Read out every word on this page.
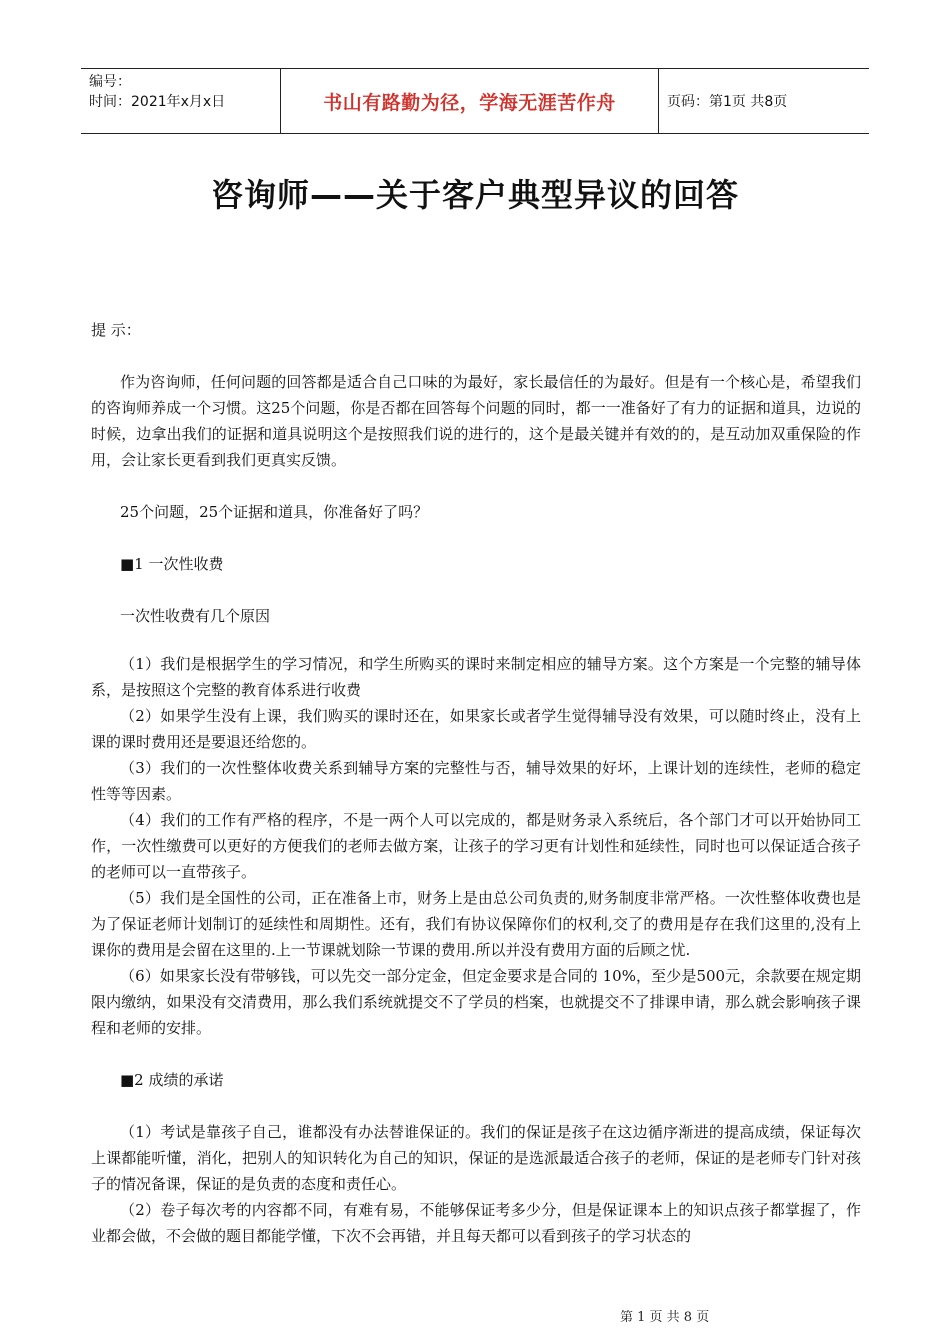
编号：
时间：2021年x月x日	书山有路勤为径，学海无涯苦作舟	页码：第1页 共8页
咨询师——关于客户典型异议的回答

提 示：

作为咨询师，任何问题的回答都是适合自己口味的为最好，家长最信任的为最好。但是有一个核心是，希望我们的咨询师养成一个习惯。这25个问题，你是否都在回答每个问题的同时，都一一准备好了有力的证据和道具，边说的时候，边拿出我们的证据和道具说明这个是按照我们说的进行的，这个是最关键并有效的的，是互动加双重保险的作用，会让家长更看到我们更真实反馈。

25个问题，25个证据和道具，你准备好了吗？

■1 一次性收费

一次性收费有几个原因

（1）我们是根据学生的学习情况，和学生所购买的课时来制定相应的辅导方案。这个方案是一个完整的辅导体系，是按照这个完整的教育体系进行收费

（2）如果学生没有上课，我们购买的课时还在，如果家长或者学生觉得辅导没有效果，可以随时终止，没有上课的课时费用还是要退还给您的。

（3）我们的一次性整体收费关系到辅导方案的完整性与否，辅导效果的好坏，上课计划的连续性，老师的稳定性等等因素。

（4）我们的工作有严格的程序，不是一两个人可以完成的，都是财务录入系统后，各个部门才可以开始协同工作，一次性缴费可以更好的方便我们的老师去做方案，让孩子的学习更有计划性和延续性，同时也可以保证适合孩子的老师可以一直带孩子。

（5）我们是全国性的公司，正在准备上市，财务上是由总公司负责的,财务制度非常严格。一次性整体收费也是为了保证老师计划制订的延续性和周期性。还有，我们有协议保障你们的权利,交了的费用是存在我们这里的,没有上课你的费用是会留在这里的.上一节课就划除一节课的费用.所以并没有费用方面的后顾之忧.

（6）如果家长没有带够钱，可以先交一部分定金，但定金要求是合同的 10%，至少是500元，余款要在规定期限内缴纳，如果没有交清费用，那么我们系统就提交不了学员的档案，也就提交不了排课申请，那么就会影响孩子课程和老师的安排。

■2 成绩的承诺

（1）考试是靠孩子自己，谁都没有办法替谁保证的。我们的保证是孩子在这边循序渐进的提高成绩，保证每次上课都能听懂，消化，把别人的知识转化为自己的知识，保证的是选派最适合孩子的老师，保证的是老师专门针对孩子的情况备课，保证的是负责的态度和责任心。

（2）卷子每次考的内容都不同，有难有易，不能够保证考多少分，但是保证课本上的知识点孩子都掌握了，作业都会做，不会做的题目都能学懂，下次不会再错，并且每天都可以看到孩子的学习状态的

第 1 页 共 8 页
